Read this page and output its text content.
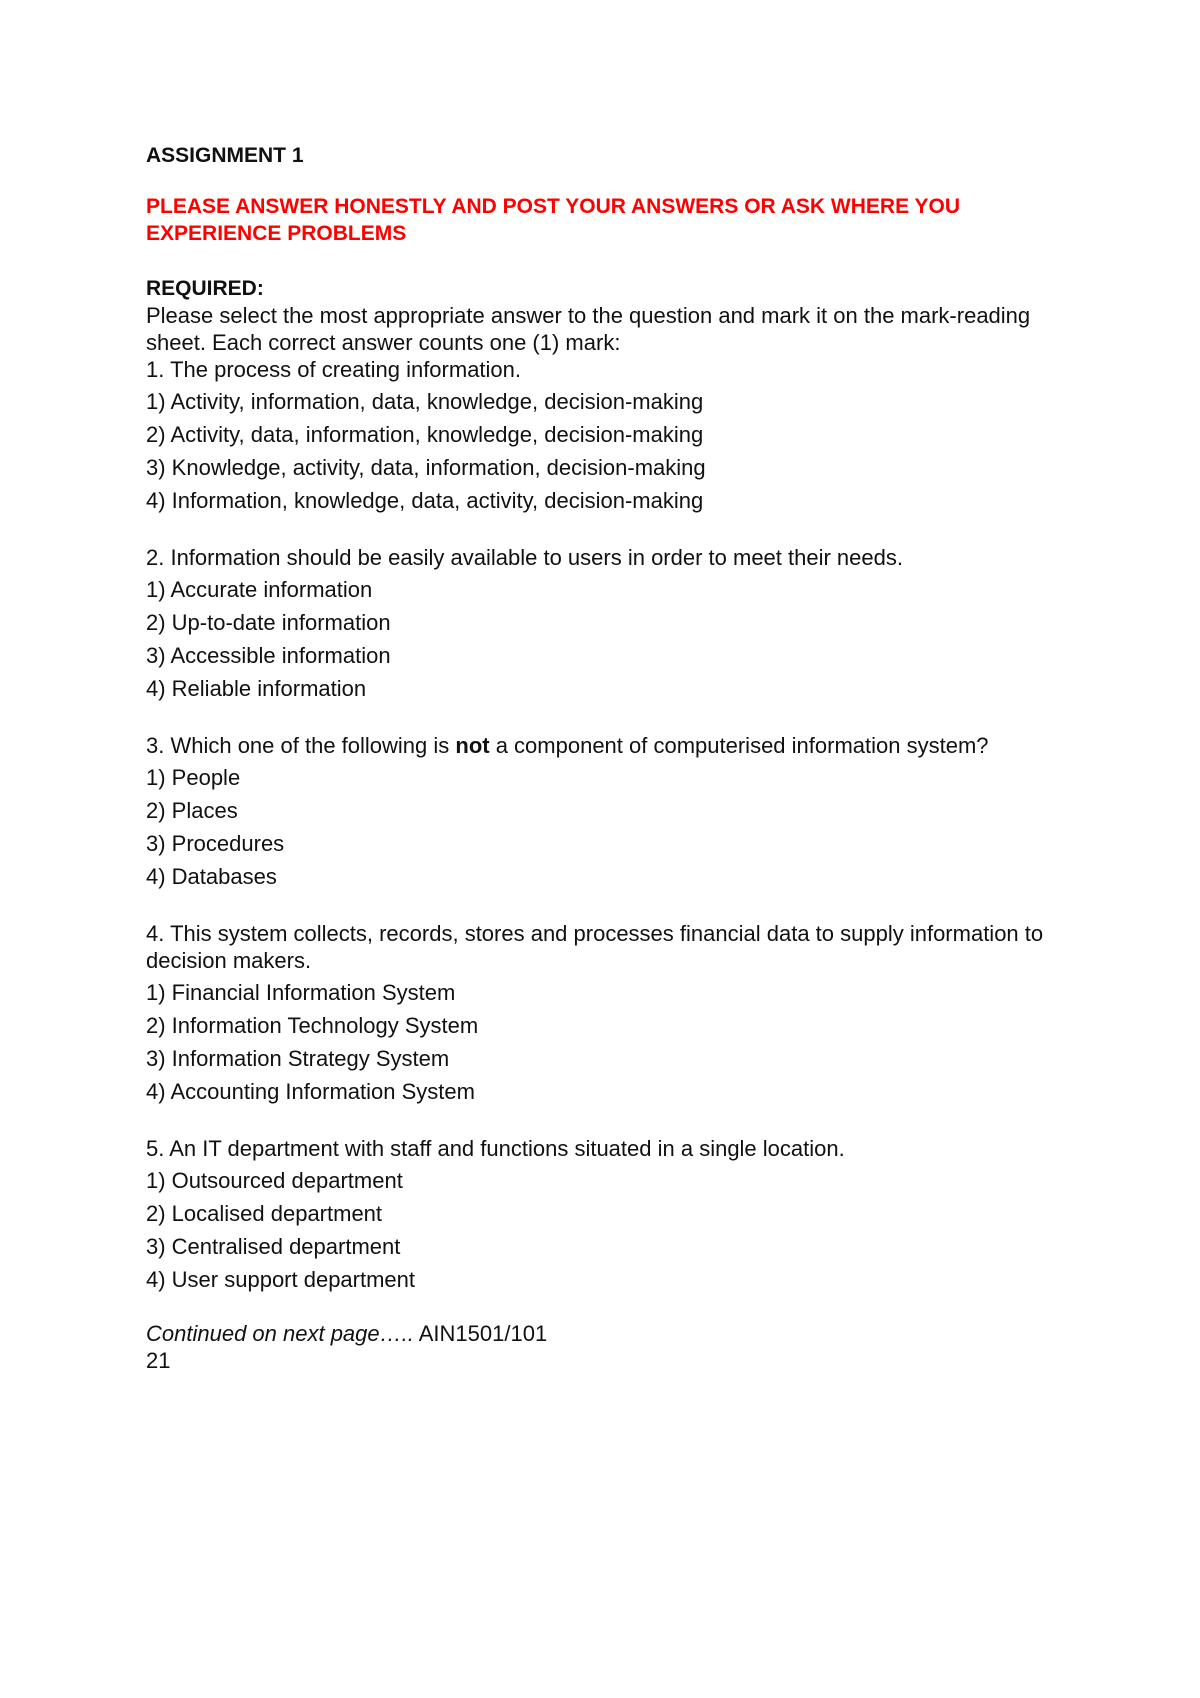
ASSIGNMENT 1

PLEASE ANSWER HONESTLY AND POST YOUR ANSWERS OR ASK WHERE YOU EXPERIENCE PROBLEMS

REQUIRED:

Please select the most appropriate answer to the question and mark it on the mark-reading sheet. Each correct answer counts one (1) mark:

1. The process of creating information.

1) Activity, information, data, knowledge, decision-making
2) Activity, data, information, knowledge, decision-making
3) Knowledge, activity, data, information, decision-making
4) Information, knowledge, data, activity, decision-making

2. Information should be easily available to users in order to meet their needs.

1) Accurate information
2) Up-to-date information
3) Accessible information
4) Reliable information

3. Which one of the following is not a component of computerised information system?

1) People
2) Places
3) Procedures
4) Databases

4. This system collects, records, stores and processes financial data to supply information to decision makers.

1) Financial Information System
2) Information Technology System
3) Information Strategy System
4) Accounting Information System

5. An IT department with staff and functions situated in a single location.

1) Outsourced department
2) Localised department
3) Centralised department
4) User support department
Continued on next page….. AIN1501/101

21
